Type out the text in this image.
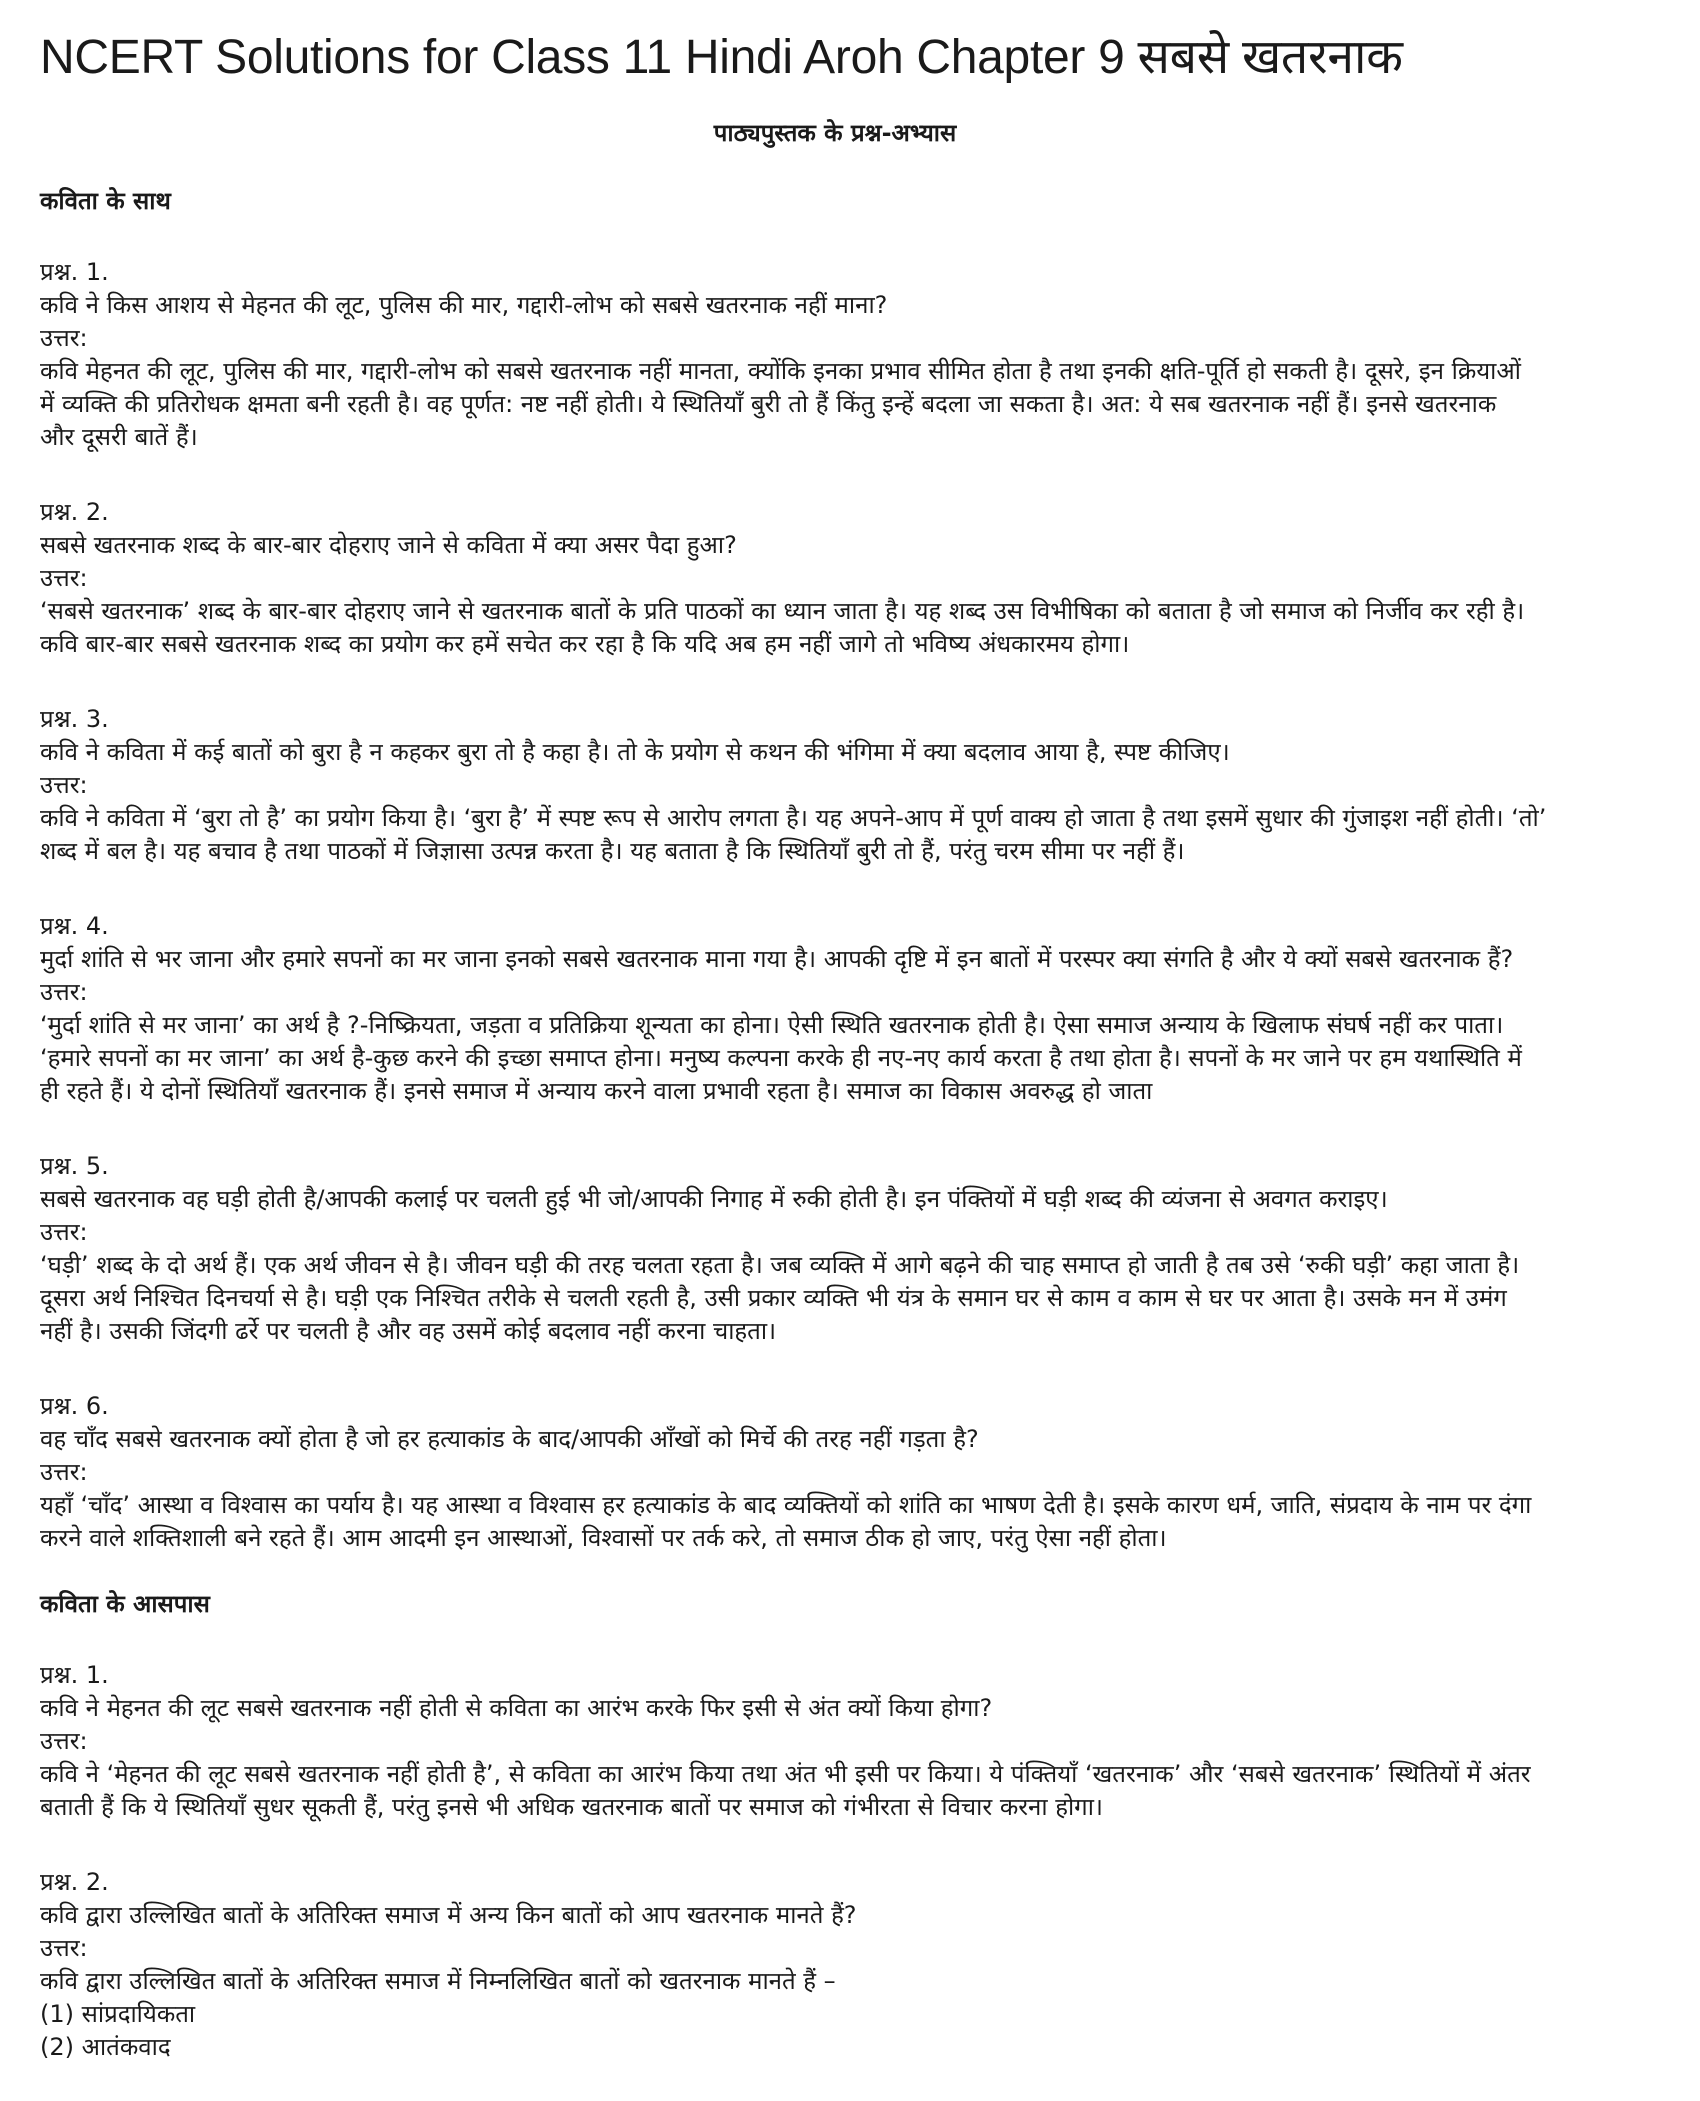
NCERT Solutions for Class 11 Hindi Aroh Chapter 9 सबसे खतरनाक
पाठ्यपुस्तक के प्रश्न-अभ्यास
कविता के साथ
प्रश्न. 1.
कवि ने किस आशय से मेहनत की लूट, पुलिस की मार, गद्दारी-लोभ को सबसे खतरनाक नहीं माना?
उत्तर:
कवि मेहनत की लूट, पुलिस की मार, गद्दारी-लोभ को सबसे खतरनाक नहीं मानता, क्योंकि इनका प्रभाव सीमित होता है तथा इनकी क्षति-पूर्ति हो सकती है। दूसरे, इन क्रियाओं
में व्यक्ति की प्रतिरोधक क्षमता बनी रहती है। वह पूर्णत: नष्ट नहीं होती। ये स्थितियाँ बुरी तो हैं किंतु इन्हें बदला जा सकता है। अत: ये सब खतरनाक नहीं हैं। इनसे खतरनाक
और दूसरी बातें हैं।
प्रश्न. 2.
सबसे खतरनाक शब्द के बार-बार दोहराए जाने से कविता में क्या असर पैदा हुआ?
उत्तर:
‘सबसे खतरनाक’ शब्द के बार-बार दोहराए जाने से खतरनाक बातों के प्रति पाठकों का ध्यान जाता है। यह शब्द उस विभीषिका को बताता है जो समाज को निर्जीव कर रही है।
कवि बार-बार सबसे खतरनाक शब्द का प्रयोग कर हमें सचेत कर रहा है कि यदि अब हम नहीं जागे तो भविष्य अंधकारमय होगा।
प्रश्न. 3.
कवि ने कविता में कई बातों को बुरा है न कहकर बुरा तो है कहा है। तो के प्रयोग से कथन की भंगिमा में क्या बदलाव आया है, स्पष्ट कीजिए।
उत्तर:
कवि ने कविता में ‘बुरा तो है’ का प्रयोग किया है। ‘बुरा है’ में स्पष्ट रूप से आरोप लगता है। यह अपने-आप में पूर्ण वाक्य हो जाता है तथा इसमें सुधार की गुंजाइश नहीं होती। ‘तो’
शब्द में बल है। यह बचाव है तथा पाठकों में जिज्ञासा उत्पन्न करता है। यह बताता है कि स्थितियाँ बुरी तो हैं, परंतु चरम सीमा पर नहीं हैं।
प्रश्न. 4.
मुर्दा शांति से भर जाना और हमारे सपनों का मर जाना इनको सबसे खतरनाक माना गया है। आपकी दृष्टि में इन बातों में परस्पर क्या संगति है और ये क्यों सबसे खतरनाक हैं?
उत्तर:
‘मुर्दा शांति से मर जाना’ का अर्थ है ?-निष्क्रियता, जड़ता व प्रतिक्रिया शून्यता का होना। ऐसी स्थिति खतरनाक होती है। ऐसा समाज अन्याय के खिलाफ संघर्ष नहीं कर पाता।
‘हमारे सपनों का मर जाना’ का अर्थ है-कुछ करने की इच्छा समाप्त होना। मनुष्य कल्पना करके ही नए-नए कार्य करता है तथा होता है। सपनों के मर जाने पर हम यथास्थिति में
ही रहते हैं। ये दोनों स्थितियाँ खतरनाक हैं। इनसे समाज में अन्याय करने वाला प्रभावी रहता है। समाज का विकास अवरुद्ध हो जाता
प्रश्न. 5.
सबसे खतरनाक वह घड़ी होती है/आपकी कलाई पर चलती हुई भी जो/आपकी निगाह में रुकी होती है। इन पंक्तियों में घड़ी शब्द की व्यंजना से अवगत कराइए।
उत्तर:
‘घड़ी’ शब्द के दो अर्थ हैं। एक अर्थ जीवन से है। जीवन घड़ी की तरह चलता रहता है। जब व्यक्ति में आगे बढ़ने की चाह समाप्त हो जाती है तब उसे ‘रुकी घड़ी’ कहा जाता है।
दूसरा अर्थ निश्चित दिनचर्या से है। घड़ी एक निश्चित तरीके से चलती रहती है, उसी प्रकार व्यक्ति भी यंत्र के समान घर से काम व काम से घर पर आता है। उसके मन में उमंग
नहीं है। उसकी जिंदगी ढर्रे पर चलती है और वह उसमें कोई बदलाव नहीं करना चाहता।
प्रश्न. 6.
वह चाँद सबसे खतरनाक क्यों होता है जो हर हत्याकांड के बाद/आपकी आँखों को मिर्चे की तरह नहीं गड़ता है?
उत्तर:
यहाँ ‘चाँद’ आस्था व विश्वास का पर्याय है। यह आस्था व विश्वास हर हत्याकांड के बाद व्यक्तियों को शांति का भाषण देती है। इसके कारण धर्म, जाति, संप्रदाय के नाम पर दंगा
करने वाले शक्तिशाली बने रहते हैं। आम आदमी इन आस्थाओं, विश्वासों पर तर्क करे, तो समाज ठीक हो जाए, परंतु ऐसा नहीं होता।
कविता के आसपास
प्रश्न. 1.
कवि ने मेहनत की लूट सबसे खतरनाक नहीं होती से कविता का आरंभ करके फिर इसी से अंत क्यों किया होगा?
उत्तर:
कवि ने ‘मेहनत की लूट सबसे खतरनाक नहीं होती है’, से कविता का आरंभ किया तथा अंत भी इसी पर किया। ये पंक्तियाँ ‘खतरनाक’ और ‘सबसे खतरनाक’ स्थितियों में अंतर
बताती हैं कि ये स्थितियाँ सुधर सूकती हैं, परंतु इनसे भी अधिक खतरनाक बातों पर समाज को गंभीरता से विचार करना होगा।
प्रश्न. 2.
कवि द्वारा उल्लिखित बातों के अतिरिक्त समाज में अन्य किन बातों को आप खतरनाक मानते हैं?
उत्तर:
कवि द्वारा उल्लिखित बातों के अतिरिक्त समाज में निम्नलिखित बातों को खतरनाक मानते हैं –
(1) सांप्रदायिकता
(2) आतंकवाद
